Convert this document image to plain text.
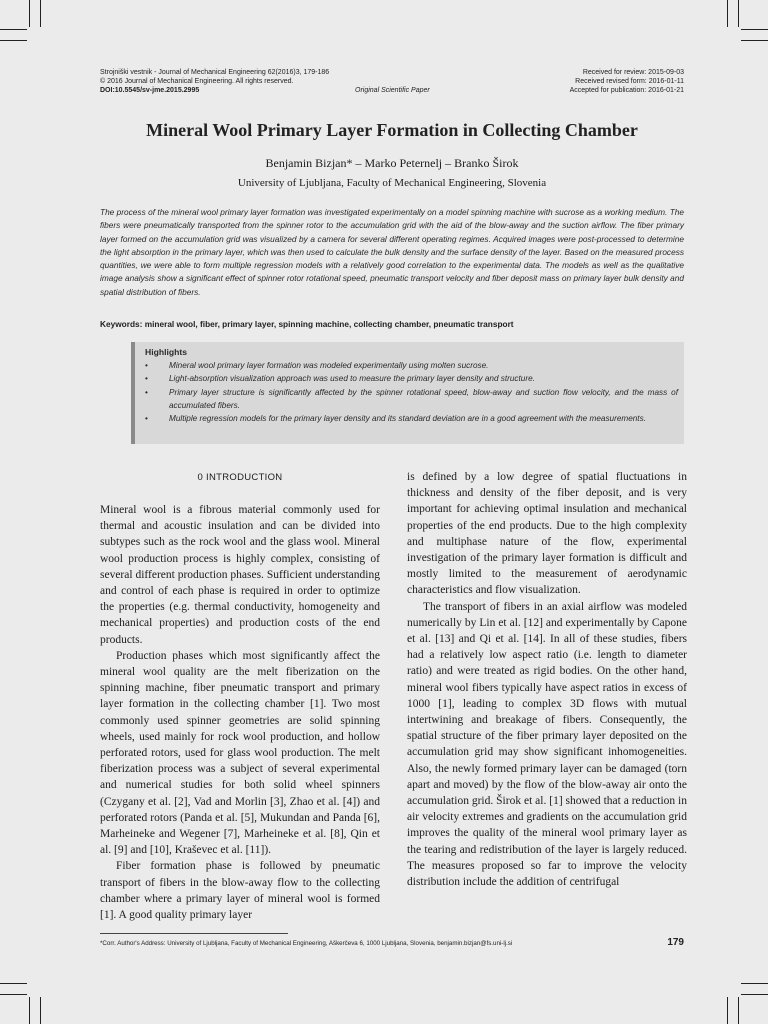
Strojniški vestnik - Journal of Mechanical Engineering 62(2016)3, 179-186
© 2016 Journal of Mechanical Engineering. All rights reserved.
DOI:10.5545/sv-jme.2015.2995	Original Scientific Paper
Received for review: 2015-09-03
Received revised form: 2016-01-11
Accepted for publication: 2016-01-21
Mineral Wool Primary Layer Formation in Collecting Chamber
Benjamin Bizjan* – Marko Peternelj – Branko Širok
University of Ljubljana, Faculty of Mechanical Engineering, Slovenia
The process of the mineral wool primary layer formation was investigated experimentally on a model spinning machine with sucrose as a working medium. The fibers were pneumatically transported from the spinner rotor to the accumulation grid with the aid of the blow-away and the suction airflow. The fiber primary layer formed on the accumulation grid was visualized by a camera for several different operating regimes. Acquired images were post-processed to determine the light absorption in the primary layer, which was then used to calculate the bulk density and the surface density of the layer. Based on the measured process quantities, we were able to form multiple regression models with a relatively good correlation to the experimental data. The models as well as the qualitative image analysis show a significant effect of spinner rotor rotational speed, pneumatic transport velocity and fiber deposit mass on primary layer bulk density and spatial distribution of fibers.
Keywords: mineral wool, fiber, primary layer, spinning machine, collecting chamber, pneumatic transport
Highlights
• Mineral wool primary layer formation was modeled experimentally using molten sucrose.
• Light-absorption visualization approach was used to measure the primary layer density and structure.
• Primary layer structure is significantly affected by the spinner rotational speed, blow-away and suction flow velocity, and the mass of accumulated fibers.
• Multiple regression models for the primary layer density and its standard deviation are in a good agreement with the measurements.
0 INTRODUCTION

Mineral wool is a fibrous material commonly used for thermal and acoustic insulation and can be divided into subtypes such as the rock wool and the glass wool. Mineral wool production process is highly complex, consisting of several different production phases. Sufficient understanding and control of each phase is required in order to optimize the properties (e.g. thermal conductivity, homogeneity and mechanical properties) and production costs of the end products.

Production phases which most significantly affect the mineral wool quality are the melt fiberization on the spinning machine, fiber pneumatic transport and primary layer formation in the collecting chamber [1]. Two most commonly used spinner geometries are solid spinning wheels, used mainly for rock wool production, and hollow perforated rotors, used for glass wool production. The melt fiberization process was a subject of several experimental and numerical studies for both solid wheel spinners (Czygany et al. [2], Vad and Morlin [3], Zhao et al. [4]) and perforated rotors (Panda et al. [5], Mukundan and Panda [6], Marheineke and Wegener [7], Marheineke et al. [8], Qin et al. [9] and [10], Kraševec et al. [11]).

Fiber formation phase is followed by pneumatic transport of fibers in the blow-away flow to the collecting chamber where a primary layer of mineral wool is formed [1]. A good quality primary layer

is defined by a low degree of spatial fluctuations in thickness and density of the fiber deposit, and is very important for achieving optimal insulation and mechanical properties of the end products. Due to the high complexity and multiphase nature of the flow, experimental investigation of the primary layer formation is difficult and mostly limited to the measurement of aerodynamic characteristics and flow visualization.

The transport of fibers in an axial airflow was modeled numerically by Lin et al. [12] and experimentally by Capone et al. [13] and Qi et al. [14]. In all of these studies, fibers had a relatively low aspect ratio (i.e. length to diameter ratio) and were treated as rigid bodies. On the other hand, mineral wool fibers typically have aspect ratios in excess of 1000 [1], leading to complex 3D flows with mutual intertwining and breakage of fibers. Consequently, the spatial structure of the fiber primary layer deposited on the accumulation grid may show significant inhomogeneities. Also, the newly formed primary layer can be damaged (torn apart and moved) by the flow of the blow-away air onto the accumulation grid. Širok et al. [1] showed that a reduction in air velocity extremes and gradients on the accumulation grid improves the quality of the mineral wool primary layer as the tearing and redistribution of the layer is largely reduced. The measures proposed so far to improve the velocity distribution include the addition of centrifugal

*Corr. Author's Address: University of Ljubljana, Faculty of Mechanical Engineering, Aškerčeva 6, 1000 Ljubljana, Slovenia, benjamin.bizjan@fs.uni-lj.si	179
